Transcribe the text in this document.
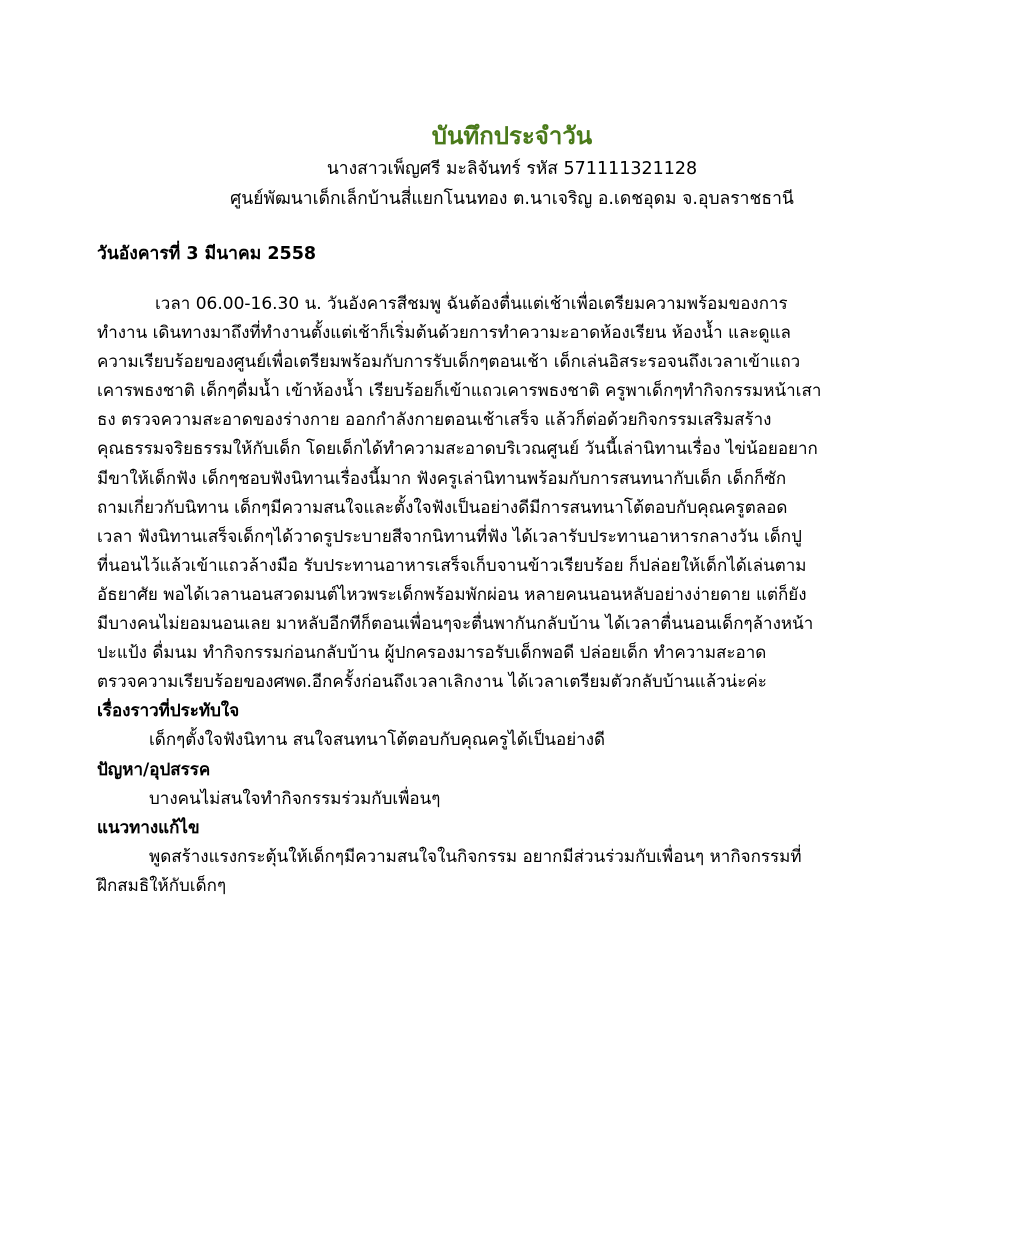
บันทึกประจำวัน
นางสาวเพ็ญศรี มะลิจันทร์ รหัส 571111321128
ศูนย์พัฒนาเด็กเล็กบ้านสี่แยกโนนทอง ต.นาเจริญ อ.เดชอุดม จ.อุบลราชธานี
วันอังคารที่ 3 มีนาคม 2558
เวลา 06.00-16.30 น. วันอังคารสีชมพู ฉันต้องตื่นแต่เช้าเพื่อเตรียมความพร้อมของการ
ทำงาน เดินทางมาถึงที่ทำงานตั้งแต่เช้าก็เริ่มต้นด้วยการทำความะอาดห้องเรียน ห้องน้ำ และดูแล
ความเรียบร้อยของศูนย์เพื่อเตรียมพร้อมกับการรับเด็กๆตอนเช้า เด็กเล่นอิสระรอจนถึงเวลาเข้าแถว
เคารพธงชาติ เด็กๆดื่มน้ำ เข้าห้องน้ำ เรียบร้อยก็เข้าแถวเคารพธงชาติ ครูพาเด็กๆทำกิจกรรมหน้าเสา
ธง ตรวจความสะอาดของร่างกาย ออกกำลังกายตอนเช้าเสร็จ แล้วก็ต่อด้วยกิจกรรมเสริมสร้าง
คุณธรรมจริยธรรมให้กับเด็ก โดยเด็กได้ทำความสะอาดบริเวณศูนย์ วันนี้เล่านิทานเรื่อง ไข่น้อยอยาก
มีขาให้เด็กฟัง เด็กๆชอบฟังนิทานเรื่องนี้มาก ฟังครูเล่านิทานพร้อมกับการสนทนากับเด็ก เด็กก็ซัก
ถามเกี่ยวกับนิทาน เด็กๆมีความสนใจและตั้งใจฟังเป็นอย่างดีมีการสนทนาโต้ตอบกับคุณครูตลอด
เวลา ฟังนิทานเสร็จเด็กๆได้วาดรูประบายสีจากนิทานที่ฟัง ได้เวลารับประทานอาหารกลางวัน เด็กปู
ที่นอนไว้แล้วเข้าแถวล้างมือ รับประทานอาหารเสร็จเก็บจานข้าวเรียบร้อย ก็ปล่อยให้เด็กได้เล่นตาม
อัธยาศัย พอได้เวลานอนสวดมนต์ไหวพระเด็กพร้อมพักผ่อน หลายคนนอนหลับอย่างง่ายดาย แต่ก็ยัง
มีบางคนไม่ยอมนอนเลย มาหลับอีกทีก็ตอนเพื่อนๆจะตื่นพากันกลับบ้าน ได้เวลาตื่นนอนเด็กๆล้างหน้า
ปะแป้ง ดื่มนม ทำกิจกรรมก่อนกลับบ้าน ผู้ปกครองมารอรับเด็กพอดี ปล่อยเด็ก ทำความสะอาด
ตรวจความเรียบร้อยของศพด.อีกครั้งก่อนถึงเวลาเลิกงาน ได้เวลาเตรียมตัวกลับบ้านแล้วน่ะค่ะ
เรื่องราวที่ประทับใจ
เด็กๆตั้งใจฟังนิทาน สนใจสนทนาโต้ตอบกับคุณครูได้เป็นอย่างดี
ปัญหา/อุปสรรค
บางคนไม่สนใจทำกิจกรรมร่วมกับเพื่อนๆ
แนวทางแก้ไข
พูดสร้างแรงกระตุ้นให้เด็กๆมีความสนใจในกิจกรรม อยากมีส่วนร่วมกับเพื่อนๆ หากิจกรรมที่
ฝึกสมธิให้กับเด็กๆ
